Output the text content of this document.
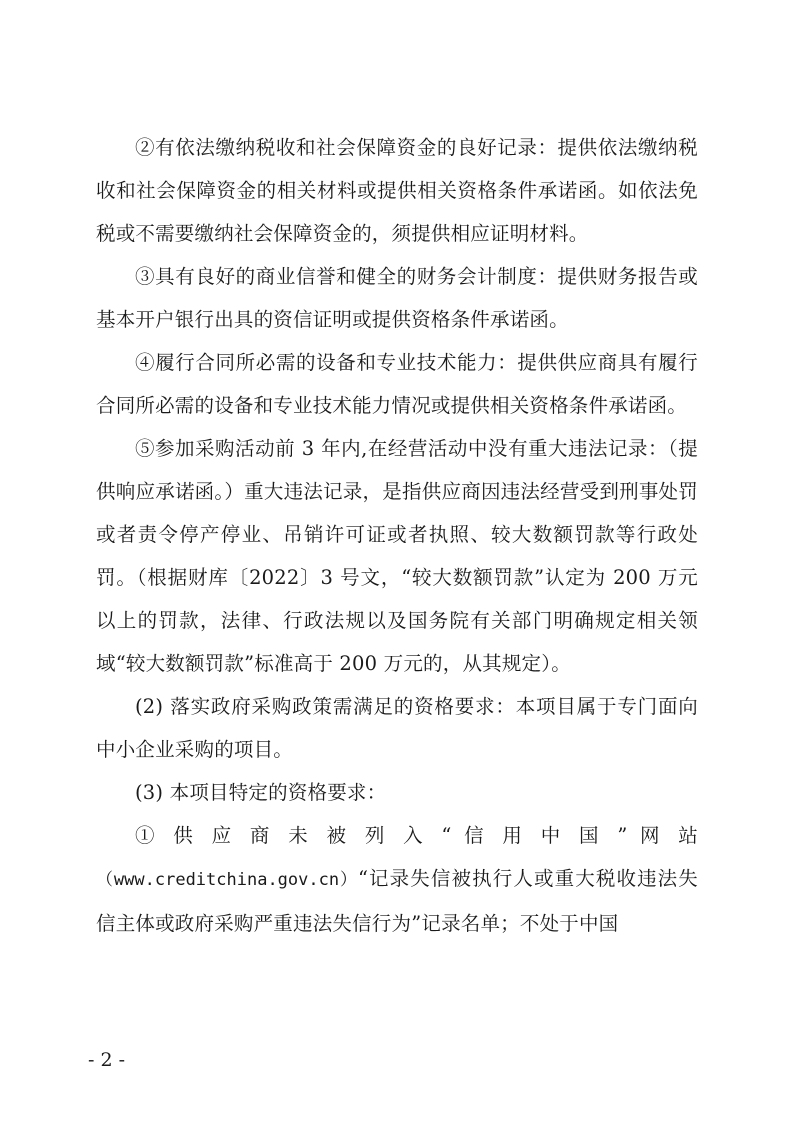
②有依法缴纳税收和社会保障资金的良好记录：提供依法缴纳税收和社会保障资金的相关材料或提供相关资格条件承诺函。如依法免税或不需要缴纳社会保障资金的，须提供相应证明材料。

③具有良好的商业信誉和健全的财务会计制度：提供财务报告或基本开户银行出具的资信证明或提供资格条件承诺函。

④履行合同所必需的设备和专业技术能力：提供供应商具有履行合同所必需的设备和专业技术能力情况或提供相关资格条件承诺函。

⑤参加采购活动前 3 年内,在经营活动中没有重大违法记录：（提供响应承诺函。）重大违法记录，是指供应商因违法经营受到刑事处罚或者责令停产停业、吊销许可证或者执照、较大数额罚款等行政处罚。（根据财库〔2022〕3 号文，“较大数额罚款”认定为 200 万元以上的罚款，法律、行政法规以及国务院有关部门明确规定相关领域“较大数额罚款”标准高于 200 万元的，从其规定）。

(2) 落实政府采购政策需满足的资格要求：本项目属于专门面向中小企业采购的项目。

(3) 本项目特定的资格要求：

① 供 应 商 未 被 列 入 “ 信 用 中 国 ” 网 站（www.creditchina.gov.cn）“记录失信被执行人或重大税收违法失信主体或政府采购严重违法失信行为”记录名单；不处于中国

- 2 -
